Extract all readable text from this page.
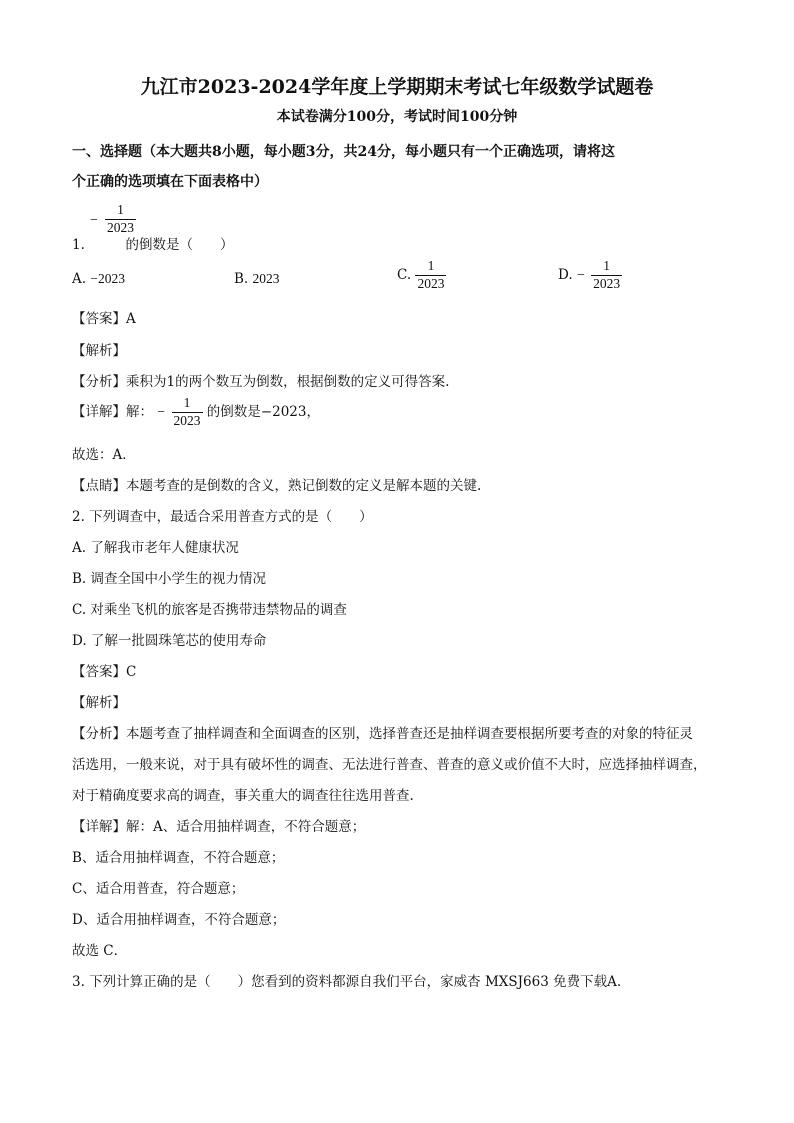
九江市2023-2024学年度上学期期末考试七年级数学试题卷
本试卷满分100分，考试时间100分钟
一、选择题（本大题共8小题，每小题3分，共24分，每小题只有一个正确选项，请将这
个正确的选项填在下面表格中）
− $\frac{1}{2023}$
1.	的倒数是（　　）
A. −2023	B. 2023	C. $\frac{1}{2023}$	D. − $\frac{1}{2023}$
【答案】A
【解析】
【分析】乘积为1的两个数互为倒数，根据倒数的定义可得答案.
【详解】解： − $\frac{1}{2023}$ 的倒数是−2023，
故选：A．
【点睛】本题考查的是倒数的含义，熟记倒数的定义是解本题的关键.
2. 下列调查中，最适合采用普查方式的是（　　）
A. 了解我市老年人健康状况
B. 调查全国中小学生的视力情况
C. 对乘坐飞机的旅客是否携带违禁物品的调查
D. 了解一批圆珠笔芯的使用寿命
【答案】C
【解析】
【分析】本题考查了抽样调查和全面调查的区别，选择普查还是抽样调查要根据所要考查的对象的特征灵
活选用，一般来说，对于具有破坏性的调查、无法进行普查、普查的意义或价值不大时，应选择抽样调查，
对于精确度要求高的调查，事关重大的调查往往选用普查.
【详解】解：A、适合用抽样调查，不符合题意；
B、适合用抽样调查，不符合题意；
C、适合用普查，符合题意；
D、适合用抽样调查，不符合题意；
故选 C．
3. 下列计算正确的是（　　）您看到的资料都源自我们平台，家威杏 MXSJ663 免费下载A.
